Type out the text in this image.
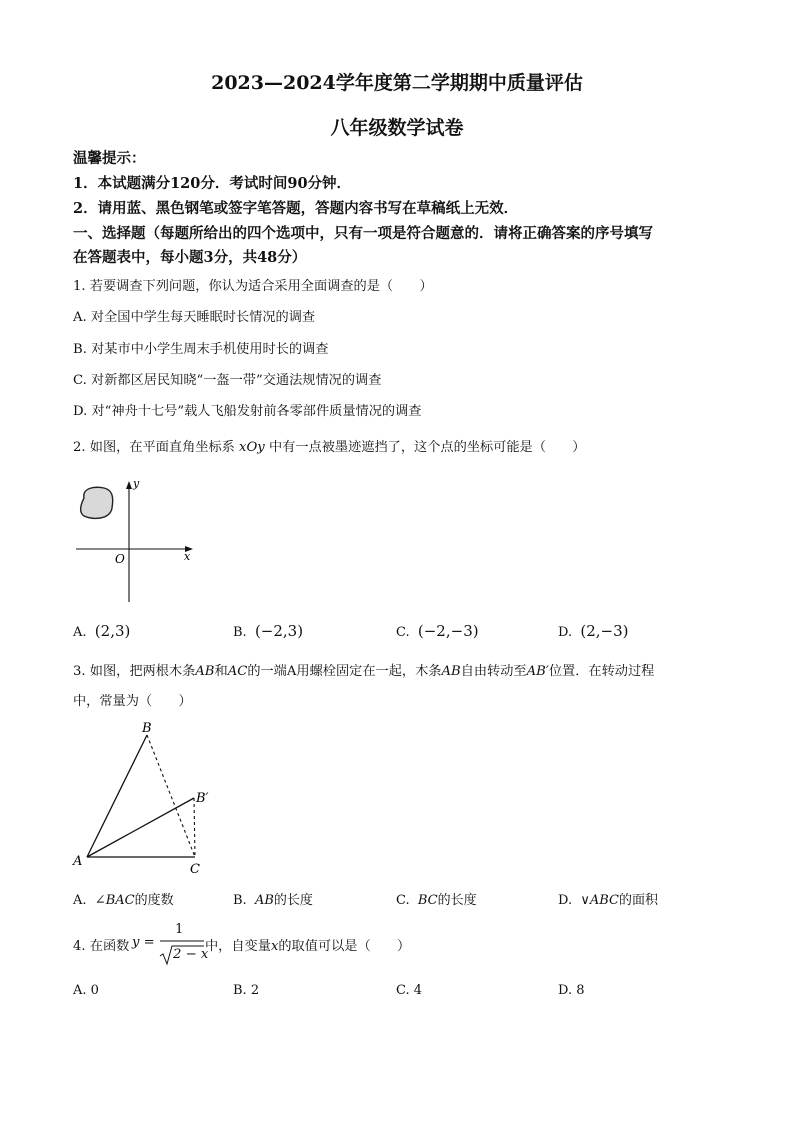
2023—2024学年度第二学期期中质量评估
八年级数学试卷
温馨提示：
1．本试题满分120分．考试时间90分钟．
2．请用蓝、黑色钢笔或签字笔答题，答题内容书写在草稿纸上无效．
一、选择题（每题所给出的四个选项中，只有一项是符合题意的．请将正确答案的序号填写
在答题表中，每小题3分，共48分）
1. 若要调查下列问题，你认为适合采用全面调查的是（　　）
A. 对全国中学生每天睡眠时长情况的调查
B. 对某市中小学生周末手机使用时长的调查
C. 对新都区居民知晓“一盔一带”交通法规情况的调查
D. 对“神舟十七号”载人飞船发射前各零部件质量情况的调查
2. 如图，在平面直角坐标系 xOy 中有一点被墨迹遮挡了，这个点的坐标可能是（　　）
y
x
O
A. (2,3)	B. (−2,3)	C. (−2,−3)	D. (2,−3)
3. 如图，把两根木条AB和AC的一端A用螺栓固定在一起，木条AB自由转动至AB′位置．在转动过程
中，常量为（　　）
B
B′
A
C
A. ∠BAC的度数	B. AB的长度	C. BC的长度	D. ∨ABC的面积
4. 在函数 y =
1
2 − x
中，自变量x的取值可以是（　　）
A. 0	B. 2	C. 4	D. 8
